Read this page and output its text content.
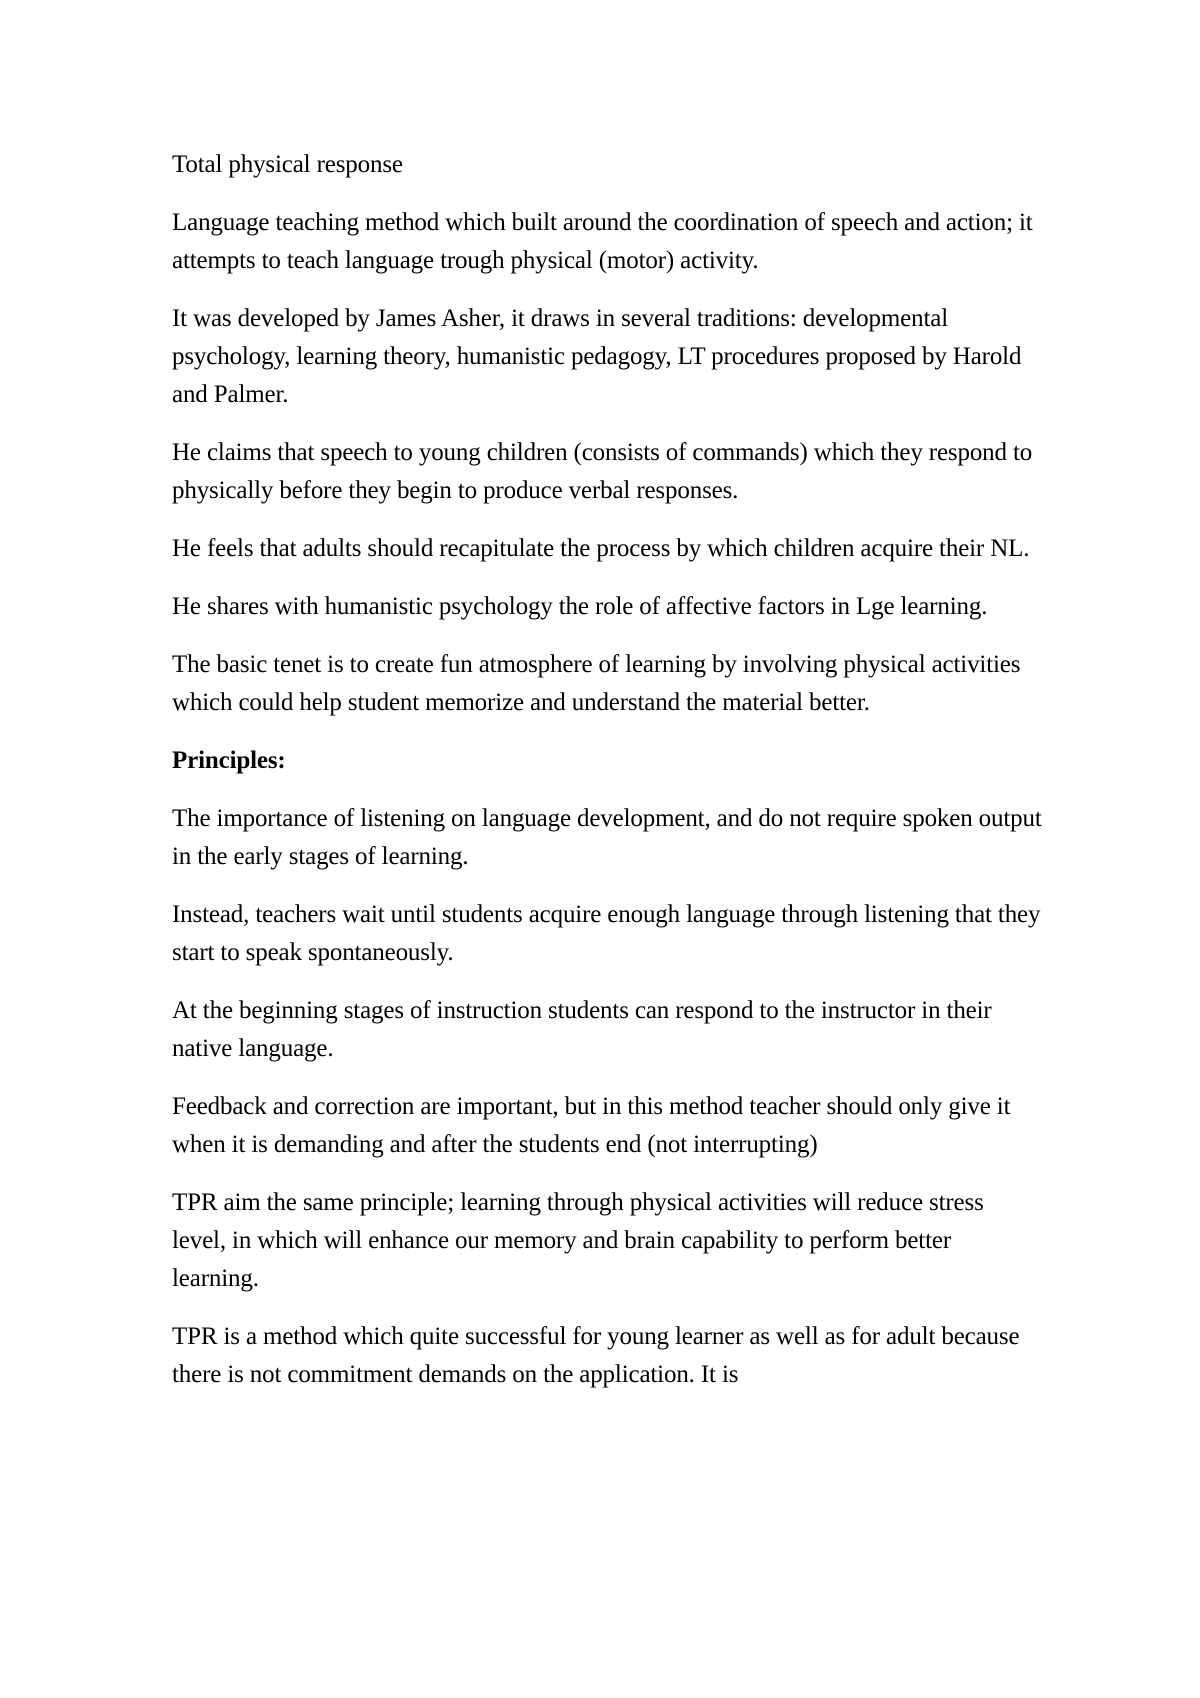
Total physical response

Language teaching method which built around the coordination of speech and action; it attempts to teach language trough physical (motor) activity.

It was developed by James Asher, it draws in several traditions: developmental psychology, learning theory, humanistic pedagogy, LT procedures proposed by Harold and Palmer.

He claims that speech to young children (consists of commands) which they respond to physically before they begin to produce verbal responses.

He feels that adults should recapitulate the process by which children acquire their NL.

He shares with humanistic psychology the role of affective factors in Lge learning.

The basic tenet is to create fun atmosphere of learning by involving physical activities which could help student memorize and understand the material better.

Principles:

The importance of listening on language development, and do not require spoken output in the early stages of learning.

Instead, teachers wait until students acquire enough language through listening that they start to speak spontaneously.

At the beginning stages of instruction students can respond to the instructor in their native language.

Feedback and correction are important, but in this method teacher should only give it when it is demanding and after the students end (not interrupting)

TPR aim the same principle; learning through physical activities will reduce stress level, in which will enhance our memory and brain capability to perform better learning.

TPR is a method which quite successful for young learner as well as for adult because there is not commitment demands on the application. It is
